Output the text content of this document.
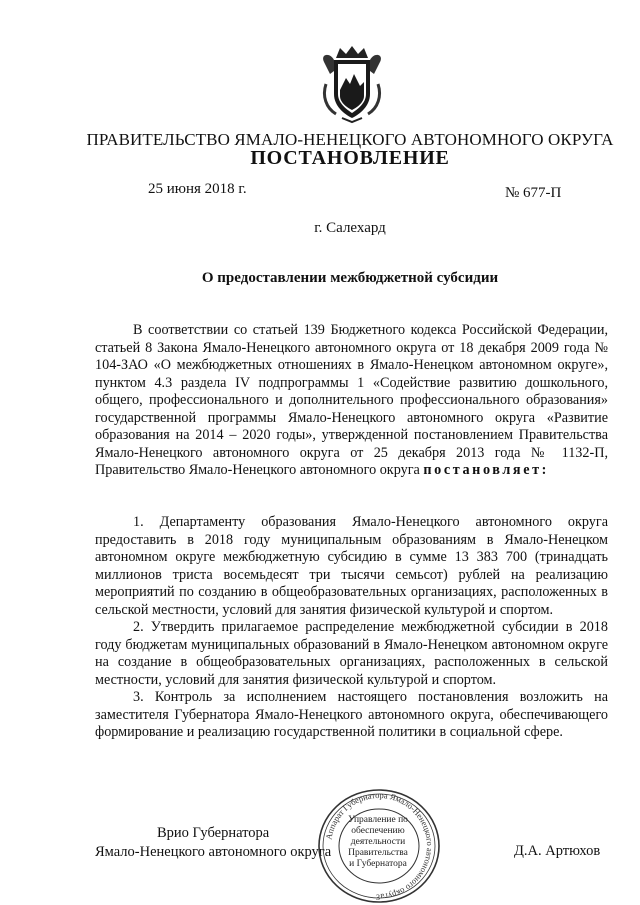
ПРАВИТЕЛЬСТВО ЯМАЛО-НЕНЕЦКОГО АВТОНОМНОГО ОКРУГА
ПОСТАНОВЛЕНИЕ
25 июня 2018 г.	№ 677-П
г. Салехард
О предоставлении межбюджетной субсидии

В соответствии со статьей 139 Бюджетного кодекса Российской Федерации, статьей 8 Закона Ямало-Ненецкого автономного округа от 18 декабря 2009 года № 104-ЗАО «О межбюджетных отношениях в Ямало-Ненецком автономном округе», пунктом 4.3 раздела IV подпрограммы 1 «Содействие развитию дошкольного, общего, профессионального и дополнительного профессионального образования» государственной программы Ямало-Ненецкого автономного округа «Развитие образования на 2014 – 2020 годы», утвержденной постановлением Правительства Ямало-Ненецкого автономного округа от 25 декабря 2013 года № 1132-П, Правительство Ямало-Ненецкого автономного округа постановляет:

1. Департаменту образования Ямало-Ненецкого автономного округа предоставить в 2018 году муниципальным образованиям в Ямало-Ненецком автономном округе межбюджетную субсидию в сумме 13 383 700 (тринадцать миллионов триста восемьдесят три тысячи семьсот) рублей на реализацию мероприятий по созданию в общеобразовательных организациях, расположенных в сельской местности, условий для занятия физической культурой и спортом.

2. Утвердить прилагаемое распределение межбюджетной субсидии в 2018 году бюджетам муниципальных образований в Ямало-Ненецком автономном округе на создание в общеобразовательных организациях, расположенных в сельской местности, условий для занятия физической культурой и спортом.

3. Контроль за исполнением настоящего постановления возложить на заместителя Губернатора Ямало-Ненецкого автономного округа, обеспечивающего формирование и реализацию государственной политики в социальной сфере.

Врио Губернатора
Ямало-Ненецкого автономного округа	Д.А. Артюхов
Аппарат Губернатора Ямало-Ненецкого автономного округа
3
Управление по
обеспечению
деятельности
Правительства
и Губернатора
